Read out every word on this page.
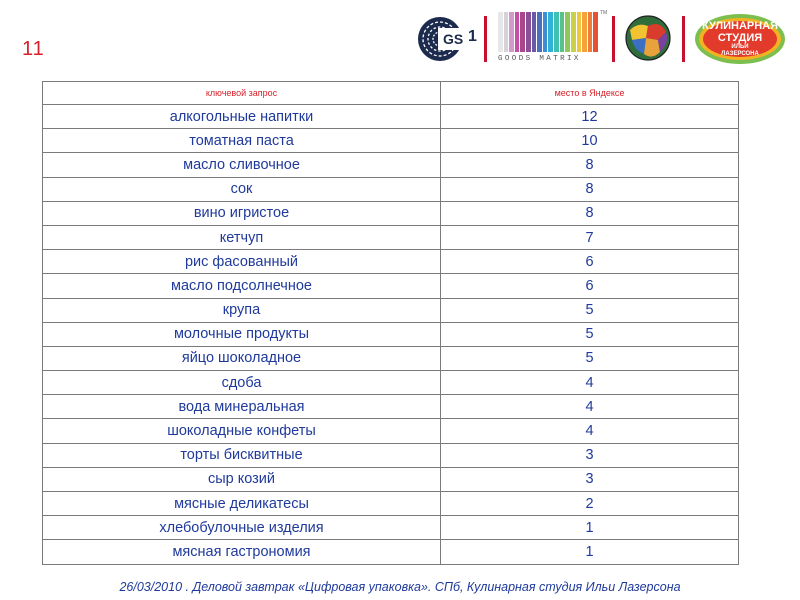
11	GS 1
TM
GOODS MATRIX
КУЛИНАРНАЯ
СТУДИЯ
ИЛЬИ
ЛАЗЕРСОНА
ключевой запрос	место в Яндексе
алкогольные напитки	12
томатная паста	10
масло сливочное	8
сок	8
вино игристое	8
кетчуп	7
рис фасованный	6
масло подсолнечное	6
крупа	5
молочные продукты	5
яйцо шоколадное	5
сдоба	4
вода минеральная	4
шоколадные конфеты	4
торты бисквитные	3
сыр козий	3
мясные деликатесы	2
хлебобулочные изделия	1
мясная гастрономия	1
26/03/2010 . Деловой завтрак «Цифровая упаковка». СПб, Кулинарная студия Ильи Лазерсона
